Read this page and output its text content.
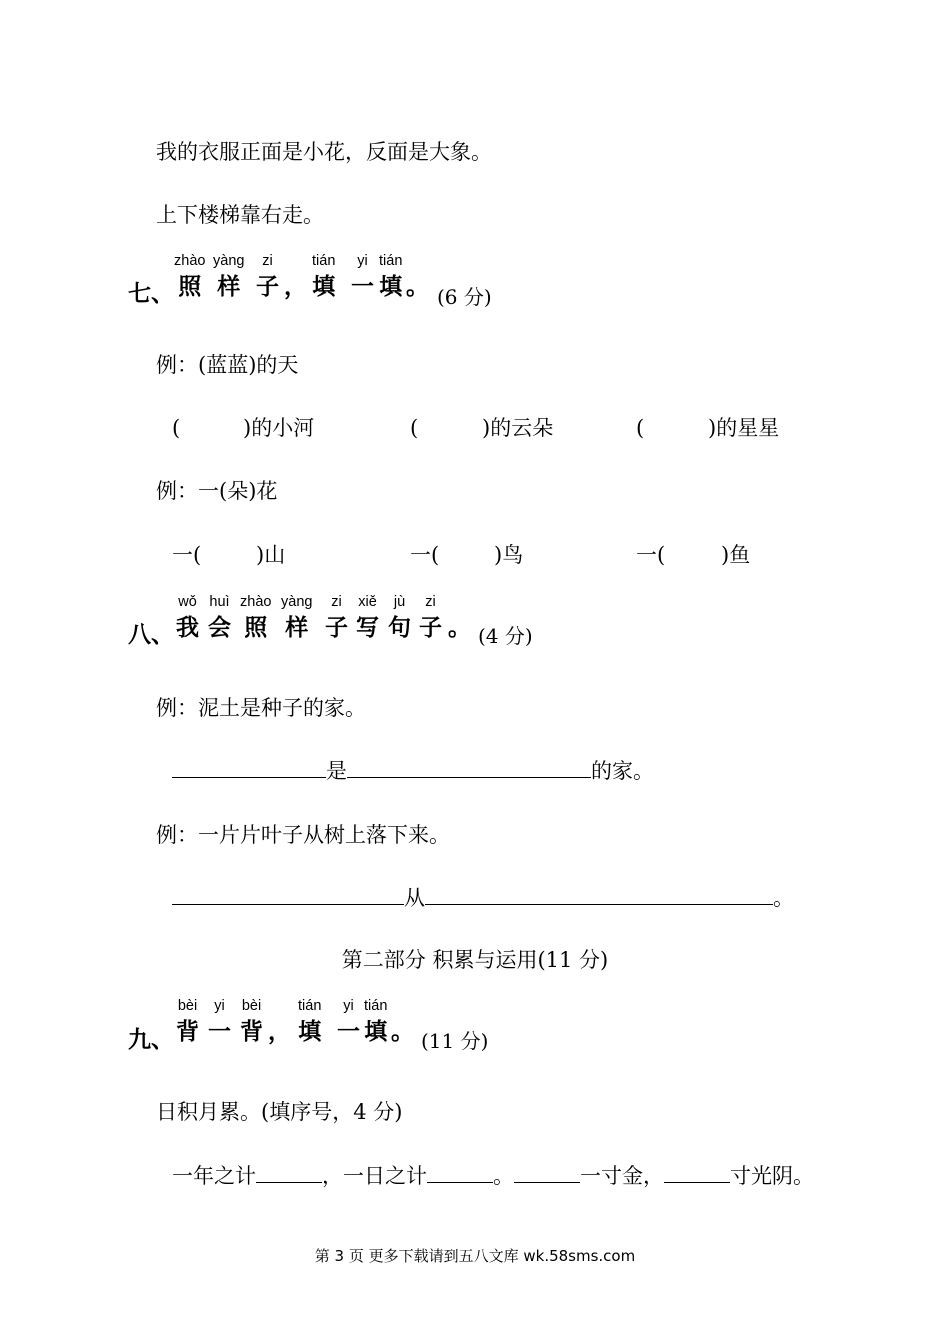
我的衣服正面是小花，反面是大象。
上下楼梯靠右走。
七、
zhào
照
yàng
样
zi
子 ，
tián
填
yi
一
tián
填 。 (6 分)
例：(蓝蓝)的天
(	)的小河	(	)的云朵	(	)的星星
例：一(朵)花
一(	)山	一(	)鸟	一(	)鱼
八、
wǒ
我
huì
会
zhào
照
yàng
样
zi
子
xiě
写
jù
句
zi
子 。 (4 分)
例：泥土是种子的家。
是	的家。
例：一片片叶子从树上落下来。
从	。
第二部分 积累与运用(11 分)
九、
bèi
背
yi
一
bèi
背 ，
tián
填
yi
一
tián
填 。 (11 分)
日积月累。(填序号，4 分)
一年之计	，一日之计	。	一寸金，	寸光阴。
第 3 页 更多下载请到五八文库 wk.58sms.com
